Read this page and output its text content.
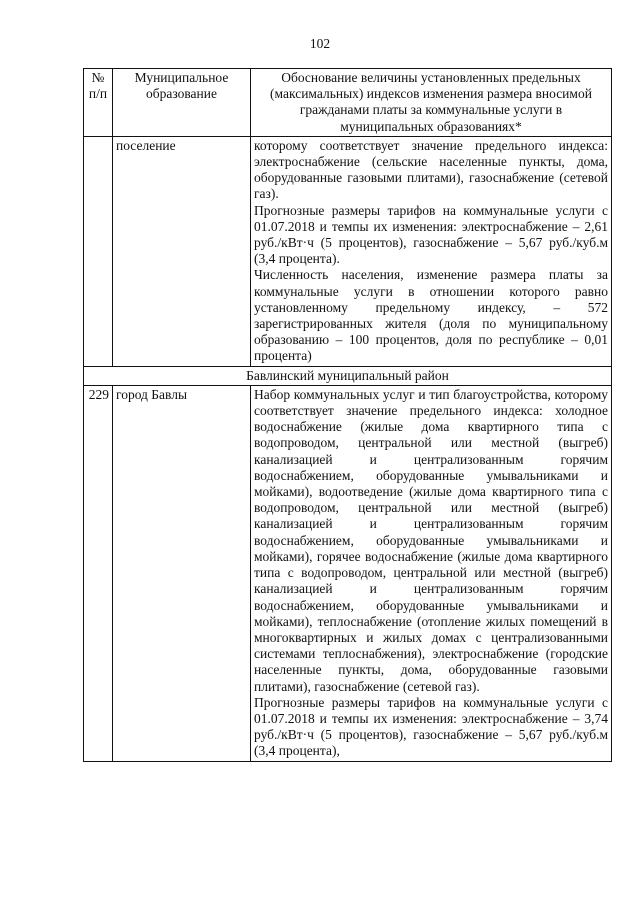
102
№ п/п	Муниципальное образование	Обоснование величины установленных предельных (максимальных) индексов изменения размера вносимой гражданами платы за коммунальные услуги в муниципальных образованиях*
	поселение	которому соответствует значение предельного индекса: электроснабжение (сельские населенные пункты, дома, оборудованные газовыми плитами), газоснабжение (сетевой газ).

Прогнозные размеры тарифов на коммунальные услуги с 01.07.2018 и темпы их изменения: электроснабжение – 2,61 руб./кВт·ч (5 процентов), газоснабжение – 5,67 руб./куб.м (3,4 процента).

Численность населения, изменение размера платы за коммунальные услуги в отношении которого равно установленному предельному индексу, – 572 зарегистрированных жителя (доля по муниципальному образованию – 100 процентов, доля по республике – 0,01 процента)

Бавлинский муниципальный район		
229	город Бавлы	Набор коммунальных услуг и тип благоустройства, которому соответствует значение предельного индекса: холодное водоснабжение (жилые дома квартирного типа с водопроводом, центральной или местной (выгреб) канализацией и централизованным горячим водоснабжением, оборудованные умывальниками и мойками), водоотведение (жилые дома квартирного типа с водопроводом, центральной или местной (выгреб) канализацией и централизованным горячим водоснабжением, оборудованные умывальниками и мойками), горячее водоснабжение (жилые дома квартирного типа с водопроводом, центральной или местной (выгреб) канализацией и централизованным горячим водоснабжением, оборудованные умывальниками и мойками), теплоснабжение (отопление жилых помещений в многоквартирных и жилых домах с централизованными системами теплоснабжения), электроснабжение (городские населенные пункты, дома, оборудованные газовыми плитами), газоснабжение (сетевой газ).

Прогнозные размеры тарифов на коммунальные услуги с 01.07.2018 и темпы их изменения: электроснабжение – 3,74 руб./кВт·ч (5 процентов), газоснабжение – 5,67 руб./куб.м (3,4 процента),
